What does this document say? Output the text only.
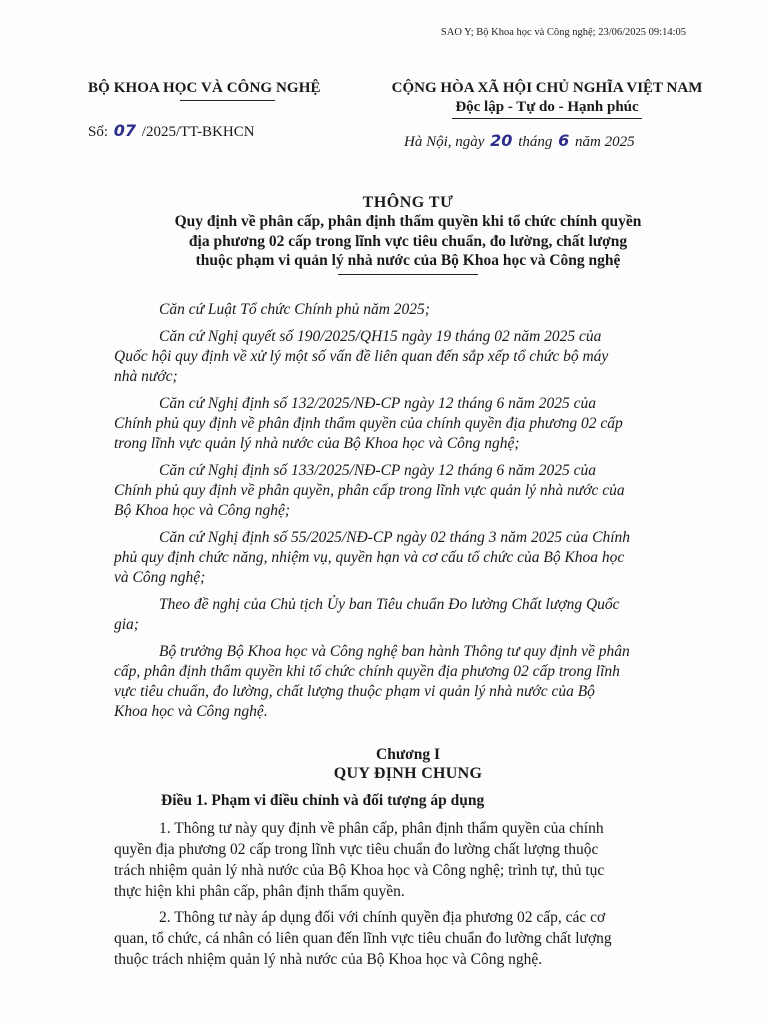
SAO Y; Bộ Khoa học và Công nghệ; 23/06/2025 09:14:05
BỘ KHOA HỌC VÀ CÔNG NGHỆ
Số: 07 /2025/TT-BKHCN
CỘNG HÒA XÃ HỘI CHỦ NGHĨA VIỆT NAM
Độc lập - Tự do - Hạnh phúc
Hà Nội, ngày 20 tháng 6 năm 2025
THÔNG TƯ
Quy định về phân cấp, phân định thẩm quyền khi tổ chức chính quyền
địa phương 02 cấp trong lĩnh vực tiêu chuẩn, đo lường, chất lượng
thuộc phạm vi quản lý nhà nước của Bộ Khoa học và Công nghệ
Căn cứ Luật Tổ chức Chính phủ năm 2025;
Căn cứ Nghị quyết số 190/2025/QH15 ngày 19 tháng 02 năm 2025 của
Quốc hội quy định về xử lý một số vấn đề liên quan đến sắp xếp tổ chức bộ máy
nhà nước;
Căn cứ Nghị định số 132/2025/NĐ-CP ngày 12 tháng 6 năm 2025 của
Chính phủ quy định về phân định thẩm quyền của chính quyền địa phương 02 cấp
trong lĩnh vực quản lý nhà nước của Bộ Khoa học và Công nghệ;
Căn cứ Nghị định số 133/2025/NĐ-CP ngày 12 tháng 6 năm 2025 của
Chính phủ quy định về phân quyền, phân cấp trong lĩnh vực quản lý nhà nước của
Bộ Khoa học và Công nghệ;
Căn cứ Nghị định số 55/2025/NĐ-CP ngày 02 tháng 3 năm 2025 của Chính
phủ quy định chức năng, nhiệm vụ, quyền hạn và cơ cấu tổ chức của Bộ Khoa học
và Công nghệ;
Theo đề nghị của Chủ tịch Ủy ban Tiêu chuẩn Đo lường Chất lượng Quốc
gia;
Bộ trưởng Bộ Khoa học và Công nghệ ban hành Thông tư quy định về phân
cấp, phân định thẩm quyền khi tổ chức chính quyền địa phương 02 cấp trong lĩnh
vực tiêu chuẩn, đo lường, chất lượng thuộc phạm vi quản lý nhà nước của Bộ
Khoa học và Công nghệ.
Chương I
QUY ĐỊNH CHUNG
Điều 1. Phạm vi điều chỉnh và đối tượng áp dụng
1. Thông tư này quy định về phân cấp, phân định thẩm quyền của chính
quyền địa phương 02 cấp trong lĩnh vực tiêu chuẩn đo lường chất lượng thuộc
trách nhiệm quản lý nhà nước của Bộ Khoa học và Công nghệ; trình tự, thủ tục
thực hiện khi phân cấp, phân định thẩm quyền.
2. Thông tư này áp dụng đối với chính quyền địa phương 02 cấp, các cơ
quan, tổ chức, cá nhân có liên quan đến lĩnh vực tiêu chuẩn đo lường chất lượng
thuộc trách nhiệm quản lý nhà nước của Bộ Khoa học và Công nghệ.
